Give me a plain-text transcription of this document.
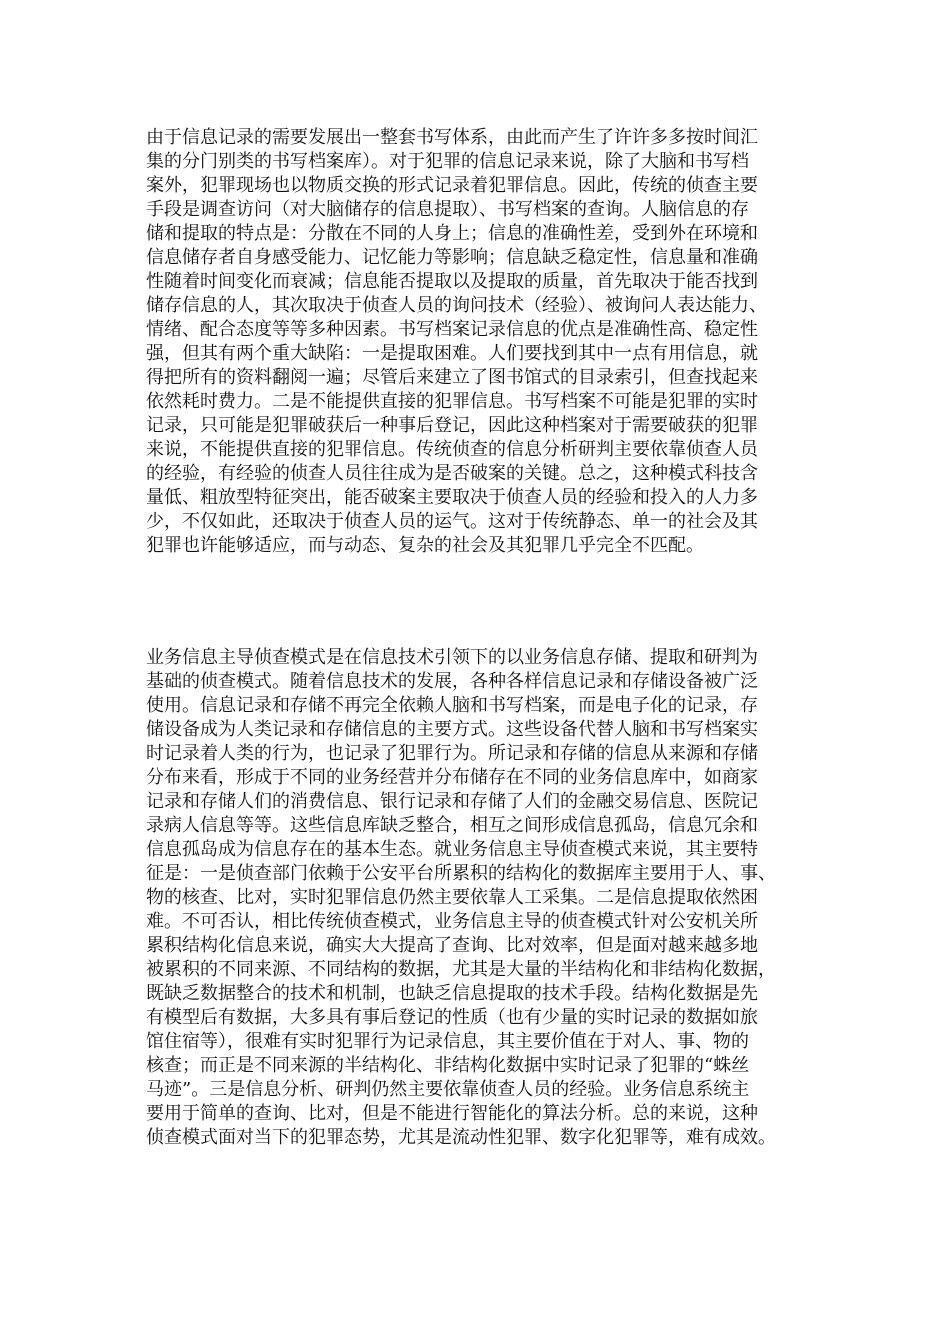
由于信息记录的需要发展出一整套书写体系，由此而产生了许许多多按时间汇
集的分门别类的书写档案库）。对于犯罪的信息记录来说，除了大脑和书写档
案外，犯罪现场也以物质交换的形式记录着犯罪信息。因此，传统的侦查主要
手段是调查访问（对大脑储存的信息提取）、书写档案的查询。人脑信息的存
储和提取的特点是：分散在不同的人身上；信息的准确性差，受到外在环境和
信息储存者自身感受能力、记忆能力等影响；信息缺乏稳定性，信息量和准确
性随着时间变化而衰减；信息能否提取以及提取的质量，首先取决于能否找到
储存信息的人，其次取决于侦查人员的询问技术（经验）、被询问人表达能力、
情绪、配合态度等等多种因素。书写档案记录信息的优点是准确性高、稳定性
强，但其有两个重大缺陷：一是提取困难。人们要找到其中一点有用信息，就
得把所有的资料翻阅一遍；尽管后来建立了图书馆式的目录索引，但查找起来
依然耗时费力。二是不能提供直接的犯罪信息。书写档案不可能是犯罪的实时
记录，只可能是犯罪破获后一种事后登记，因此这种档案对于需要破获的犯罪
来说，不能提供直接的犯罪信息。传统侦查的信息分析研判主要依靠侦查人员
的经验，有经验的侦查人员往往成为是否破案的关键。总之，这种模式科技含
量低、粗放型特征突出，能否破案主要取决于侦查人员的经验和投入的人力多
少，不仅如此，还取决于侦查人员的运气。这对于传统静态、单一的社会及其
犯罪也许能够适应，而与动态、复杂的社会及其犯罪几乎完全不匹配。
业务信息主导侦查模式是在信息技术引领下的以业务信息存储、提取和研判为
基础的侦查模式。随着信息技术的发展，各种各样信息记录和存储设备被广泛
使用。信息记录和存储不再完全依赖人脑和书写档案，而是电子化的记录，存
储设备成为人类记录和存储信息的主要方式。这些设备代替人脑和书写档案实
时记录着人类的行为，也记录了犯罪行为。所记录和存储的信息从来源和存储
分布来看，形成于不同的业务经营并分布储存在不同的业务信息库中，如商家
记录和存储人们的消费信息、银行记录和存储了人们的金融交易信息、医院记
录病人信息等等。这些信息库缺乏整合，相互之间形成信息孤岛，信息冗余和
信息孤岛成为信息存在的基本生态。就业务信息主导侦查模式来说，其主要特
征是：一是侦查部门依赖于公安平台所累积的结构化的数据库主要用于人、事、
物的核查、比对，实时犯罪信息仍然主要依靠人工采集。二是信息提取依然困
难。不可否认，相比传统侦查模式，业务信息主导的侦查模式针对公安机关所
累积结构化信息来说，确实大大提高了查询、比对效率，但是面对越来越多地
被累积的不同来源、不同结构的数据，尤其是大量的半结构化和非结构化数据，
既缺乏数据整合的技术和机制，也缺乏信息提取的技术手段。结构化数据是先
有模型后有数据，大多具有事后登记的性质（也有少量的实时记录的数据如旅
馆住宿等），很难有实时犯罪行为记录信息，其主要价值在于对人、事、物的
核查；而正是不同来源的半结构化、非结构化数据中实时记录了犯罪的“蛛丝
马迹”。三是信息分析、研判仍然主要依靠侦查人员的经验。业务信息系统主
要用于简单的查询、比对，但是不能进行智能化的算法分析。总的来说，这种
侦查模式面对当下的犯罪态势，尤其是流动性犯罪、数字化犯罪等，难有成效。
